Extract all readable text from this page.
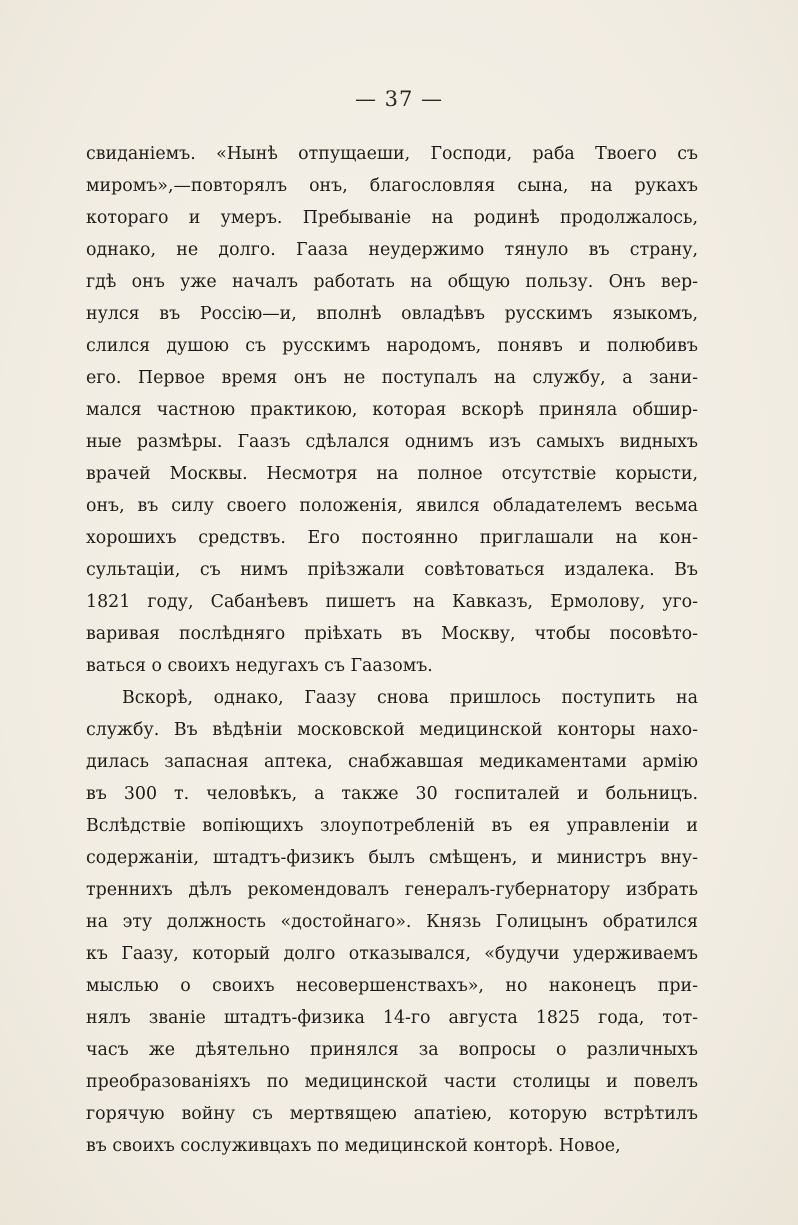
— 37 —
свиданіемъ. «Нынѣ отпущаеши, Господи, раба Твоего съ
миромъ»,—повторялъ онъ, благословляя сына, на рукахъ
котораго и умеръ. Пребываніе на родинѣ продолжалось,
однако, не долго. Гааза неудержимо тянуло въ страну,
гдѣ онъ уже началъ работать на общую пользу. Онъ вер-
нулся въ Россію—и, вполнѣ овладѣвъ русскимъ языкомъ,
слился душою съ русскимъ народомъ, понявъ и полюбивъ
его. Первое время онъ не поступалъ на службу, а зани-
мался частною практикою, которая вскорѣ приняла обшир-
ные размѣры. Гаазъ сдѣлался однимъ изъ самыхъ видныхъ
врачей Москвы. Несмотря на полное отсутствіе корысти,
онъ, въ силу своего положенія, явился обладателемъ весьма
хорошихъ средствъ. Его постоянно приглашали на кон-
сультаціи, съ нимъ пріѣзжали совѣтоваться издалека. Въ
1821 году, Сабанѣевъ пишетъ на Кавказъ, Ермолову, уго-
варивая послѣдняго пріѣхать въ Москву, чтобы посовѣто-
ваться о своихъ недугахъ съ Гаазомъ.
Вскорѣ, однако, Гаазу снова пришлось поступить на
службу. Въ вѣдѣніи московской медицинской конторы нахо-
дилась запасная аптека, снабжавшая медикаментами армію
въ 300 т. человѣкъ, а также 30 госпиталей и больницъ.
Вслѣдствіе вопіющихъ злоупотребленій въ ея управленіи и
содержаніи, штадтъ-физикъ былъ смѣщенъ, и министръ вну-
треннихъ дѣлъ рекомендовалъ генералъ-губернатору избрать
на эту должность «достойнаго». Князь Голицынъ обратился
къ Гаазу, который долго отказывался, «будучи удерживаемъ
мыслью о своихъ несовершенствахъ», но наконецъ при-
нялъ званіе штадтъ-физика 14-го августа 1825 года, тот-
часъ же дѣятельно принялся за вопросы о различныхъ
преобразованіяхъ по медицинской части столицы и повелъ
горячую войну съ мертвящею апатіею, которую встрѣтилъ
въ своихъ сослуживцахъ по медицинской конторѣ. Новое,
